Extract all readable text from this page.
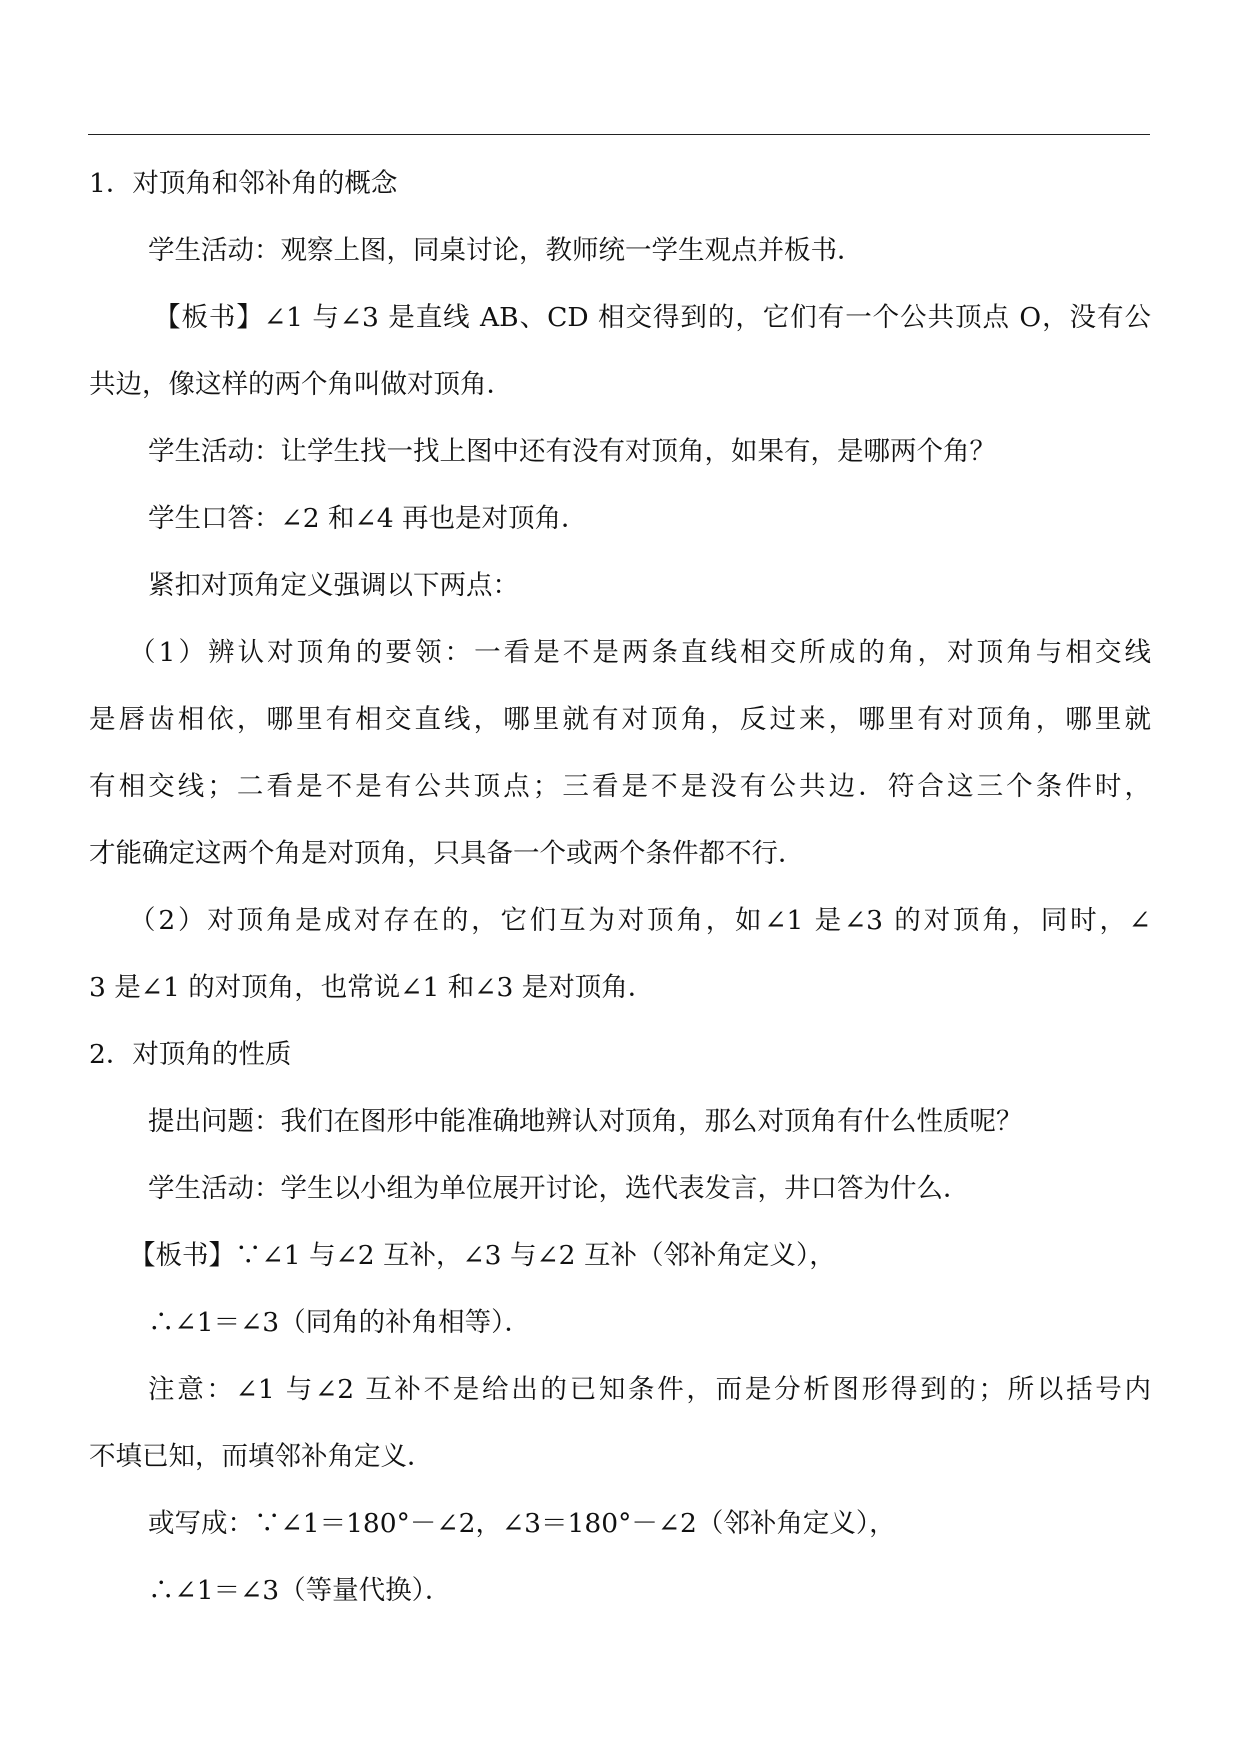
1．对顶角和邻补角的概念

学生活动：观察上图，同桌讨论，教师统一学生观点并板书．

【板书】∠1 与∠3 是直线 AB、CD 相交得到的，它们有一个公共顶点 O，没有公

共边，像这样的两个角叫做对顶角．

学生活动：让学生找一找上图中还有没有对顶角，如果有，是哪两个角？

学生口答：∠2 和∠4 再也是对顶角．

紧扣对顶角定义强调以下两点：

（1）辨认对顶角的要领：一看是不是两条直线相交所成的角，对顶角与相交线

是唇齿相依，哪里有相交直线，哪里就有对顶角，反过来，哪里有对顶角，哪里就

有相交线；二看是不是有公共顶点；三看是不是没有公共边．符合这三个条件时，

才能确定这两个角是对顶角，只具备一个或两个条件都不行．

（2）对顶角是成对存在的，它们互为对顶角，如∠1 是∠3 的对顶角，同时，∠

3 是∠1 的对顶角，也常说∠1 和∠3 是对顶角．

2．对顶角的性质

提出问题：我们在图形中能准确地辨认对顶角，那么对顶角有什么性质呢？

学生活动：学生以小组为单位展开讨论，选代表发言，井口答为什么．

【板书】∵∠1 与∠2 互补，∠3 与∠2 互补（邻补角定义），

∴∠1＝∠3（同角的补角相等）．

注意：∠1 与∠2 互补不是给出的已知条件，而是分析图形得到的；所以括号内

不填已知，而填邻补角定义．

或写成：∵∠1＝180°－∠2，∠3＝180°－∠2（邻补角定义），

∴∠1＝∠3（等量代换）．
